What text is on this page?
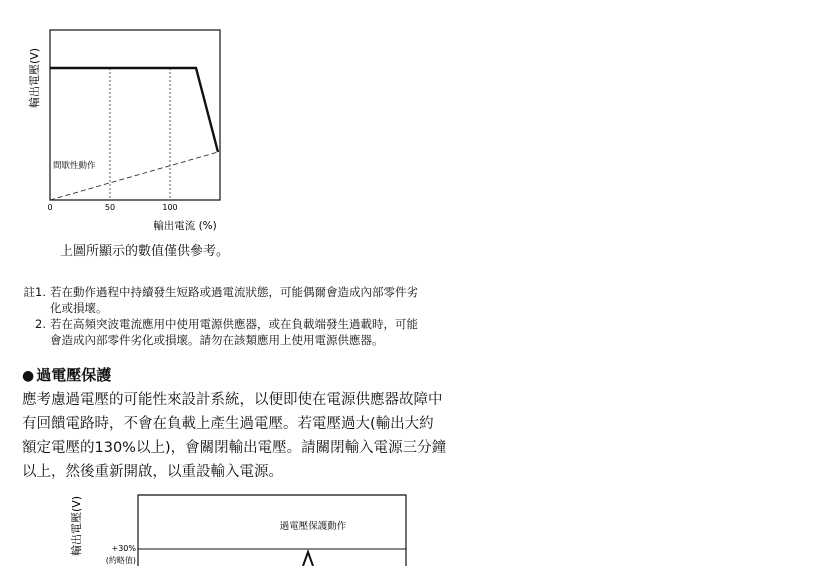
輸出電壓(V)
間歇性動作
0	50	100
輸出電流 (%)
上圖所顯示的數值僅供參考。
註1. 若在動作過程中持續發生短路或過電流狀態，可能偶爾會造成內部零件劣
化或損壞。
2. 若在高頻突波電流應用中使用電源供應器，或在負載端發生過載時，可能
會造成內部零件劣化或損壞。請勿在該類應用上使用電源供應器。
● 過電壓保護

應考慮過電壓的可能性來設計系統，以便即使在電源供應器故障中

有回饋電路時，不會在負載上產生過電壓。若電壓過大(輸出大約

額定電壓的130%以上)，會關閉輸出電壓。請關閉輸入電源三分鐘

以上，然後重新開啟，以重設輸入電源。

輸出電壓(V)	+30%
(約略值)
過電壓保護動作
